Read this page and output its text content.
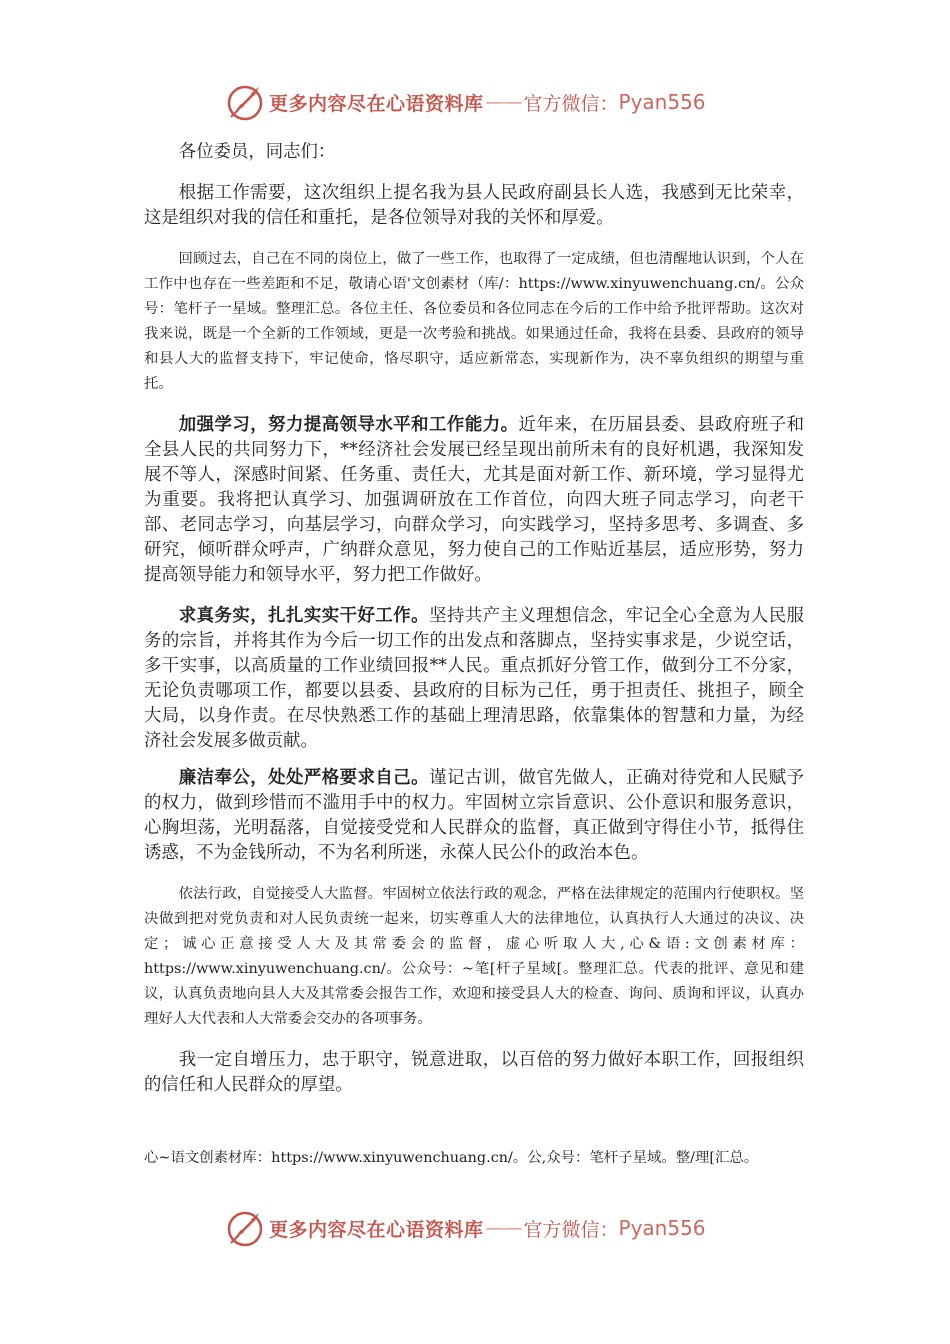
更多内容尽在心语资料库 —— 官方微信： Pyan556

各位委员，同志们：

根据工作需要，这次组织上提名我为县人民政府副县长人选，我感到无比荣幸，这是组织对我的信任和重托，是各位领导对我的关怀和厚爱。

回顾过去，自己在不同的岗位上，做了一些工作，也取得了一定成绩，但也清醒地认识到，个人在工作中也存在一些差距和不足，敬请心语'文创素材（库/：https://www.xinyuwenchuang.cn/。公众号：笔杆子一星域。整理汇总。各位主任、各位委员和各位同志在今后的工作中给予批评帮助。这次对我来说，既是一个全新的工作领域，更是一次考验和挑战。如果通过任命，我将在县委、县政府的领导和县人大的监督支持下，牢记使命，恪尽职守，适应新常态，实现新作为，决不辜负组织的期望与重托。

加强学习，努力提高领导水平和工作能力。近年来，在历届县委、县政府班子和全县人民的共同努力下，**经济社会发展已经呈现出前所未有的良好机遇，我深知发展不等人，深感时间紧、任务重、责任大，尤其是面对新工作、新环境，学习显得尤为重要。我将把认真学习、加强调研放在工作首位，向四大班子同志学习，向老干部、老同志学习，向基层学习，向群众学习，向实践学习，坚持多思考、多调查、多研究，倾听群众呼声，广纳群众意见，努力使自己的工作贴近基层，适应形势，努力提高领导能力和领导水平，努力把工作做好。

求真务实，扎扎实实干好工作。坚持共产主义理想信念，牢记全心全意为人民服务的宗旨，并将其作为今后一切工作的出发点和落脚点，坚持实事求是，少说空话，多干实事，以高质量的工作业绩回报**人民。重点抓好分管工作，做到分工不分家，无论负责哪项工作，都要以县委、县政府的目标为己任，勇于担责任、挑担子，顾全大局，以身作责。在尽快熟悉工作的基础上理清思路，依靠集体的智慧和力量，为经济社会发展多做贡献。

廉洁奉公，处处严格要求自己。谨记古训，做官先做人，正确对待党和人民赋予的权力，做到珍惜而不滥用手中的权力。牢固树立宗旨意识、公仆意识和服务意识，心胸坦荡，光明磊落，自觉接受党和人民群众的监督，真正做到守得住小节，抵得住诱惑，不为金钱所动，不为名利所迷，永葆人民公仆的政治本色。

依法行政，自觉接受人大监督。牢固树立依法行政的观念，严格在法律规定的范围内行使职权。坚决做到把对党负责和对人民负责统一起来，切实尊重人大的法律地位，认真执行人大通过的决议、决定；诚心正意接受人大及其常委会的监督，虚心听取人大,心&语:文创素材库：https://www.xinyuwenchuang.cn/。公众号：~笔[杆子星域[。整理汇总。代表的批评、意见和建议，认真负责地向县人大及其常委会报告工作，欢迎和接受县人大的检查、询问、质询和评议，认真办理好人大代表和人大常委会交办的各项事务。

我一定自增压力，忠于职守，锐意进取，以百倍的努力做好本职工作，回报组织的信任和人民群众的厚望。

心~语文创素材库：https://www.xinyuwenchuang.cn/。公,众号：笔杆子星域。整/理[汇总。

更多内容尽在心语资料库 —— 官方微信： Pyan556
